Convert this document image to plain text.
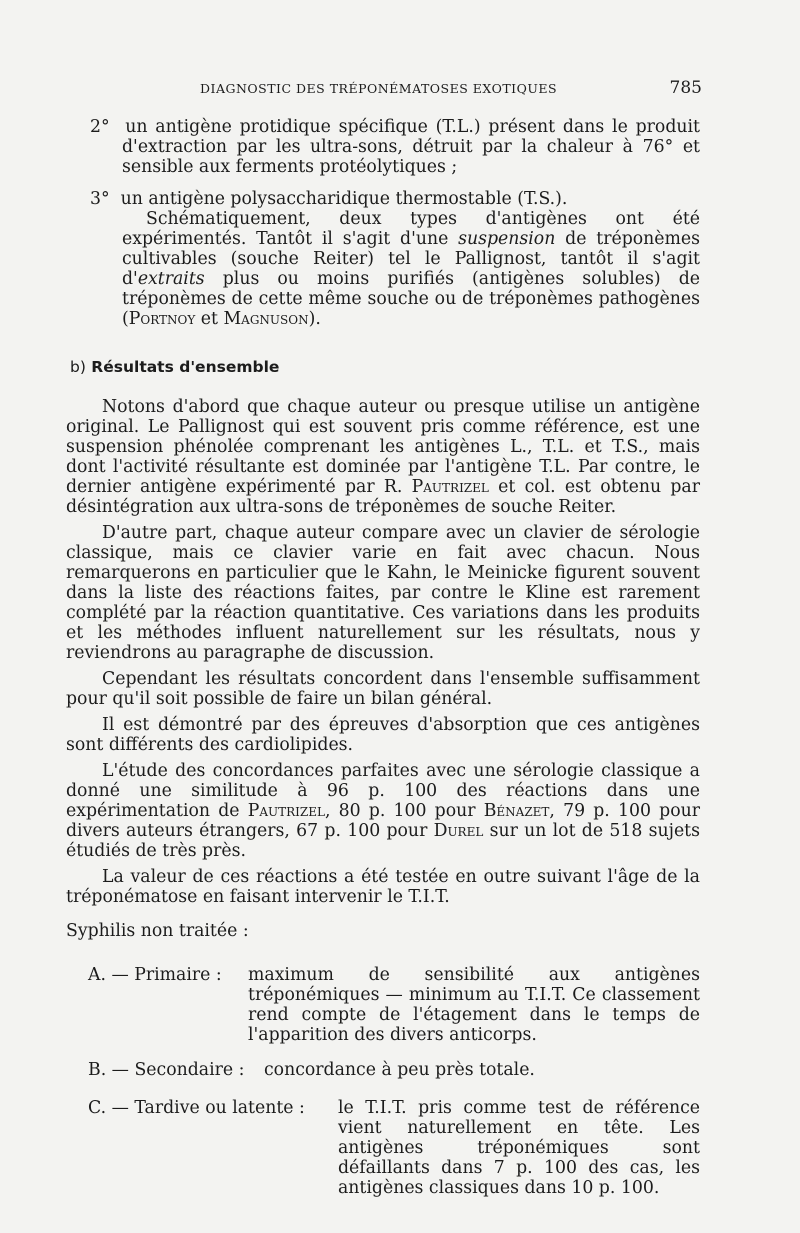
DIAGNOSTIC DES TRÉPONÉMATOSES EXOTIQUES	785

2° un antigène protidique spécifique (T.L.) présent dans le produit d'extraction par les ultra-sons, détruit par la chaleur à 76° et sensible aux ferments protéolytiques ;

3° un antigène polysaccharidique thermostable (T.S.).

Schématiquement, deux types d'antigènes ont été expérimentés. Tantôt il s'agit d'une suspension de tréponèmes cultivables (souche Reiter) tel le Pallignost, tantôt il s'agit d'extraits plus ou moins purifiés (antigènes solubles) de tréponèmes de cette même souche ou de tréponèmes pathogènes (Portnoy et Magnuson).

b) Résultats d'ensemble

Notons d'abord que chaque auteur ou presque utilise un antigène original. Le Pallignost qui est souvent pris comme référence, est une suspension phénolée comprenant les antigènes L., T.L. et T.S., mais dont l'activité résultante est dominée par l'antigène T.L. Par contre, le dernier antigène expérimenté par R. Pautrizel et col. est obtenu par désintégration aux ultra-sons de tréponèmes de souche Reiter.

D'autre part, chaque auteur compare avec un clavier de sérologie classique, mais ce clavier varie en fait avec chacun. Nous remarquerons en particulier que le Kahn, le Meinicke figurent souvent dans la liste des réactions faites, par contre le Kline est rarement complété par la réaction quantitative. Ces variations dans les produits et les méthodes influent naturellement sur les résultats, nous y reviendrons au paragraphe de discussion.

Cependant les résultats concordent dans l'ensemble suffisamment pour qu'il soit possible de faire un bilan général.

Il est démontré par des épreuves d'absorption que ces antigènes sont différents des cardiolipides.

L'étude des concordances parfaites avec une sérologie classique a donné une similitude à 96 p. 100 des réactions dans une expérimentation de Pautrizel, 80 p. 100 pour Bénazet, 79 p. 100 pour divers auteurs étrangers, 67 p. 100 pour Durel sur un lot de 518 sujets étudiés de très près.

La valeur de ces réactions a été testée en outre suivant l'âge de la tréponématose en faisant intervenir le T.I.T.

Syphilis non traitée :

A. — Primaire : maximum de sensibilité aux antigènes tréponémiques — minimum au T.I.T. Ce classement rend compte de l'étagement dans le temps de l'apparition des divers anticorps.
B. — Secondaire : concordance à peu près totale.
C. — Tardive ou latente : le T.I.T. pris comme test de référence vient naturellement en tête. Les antigènes tréponémiques sont défaillants dans 7 p. 100 des cas, les antigènes classiques dans 10 p. 100.
